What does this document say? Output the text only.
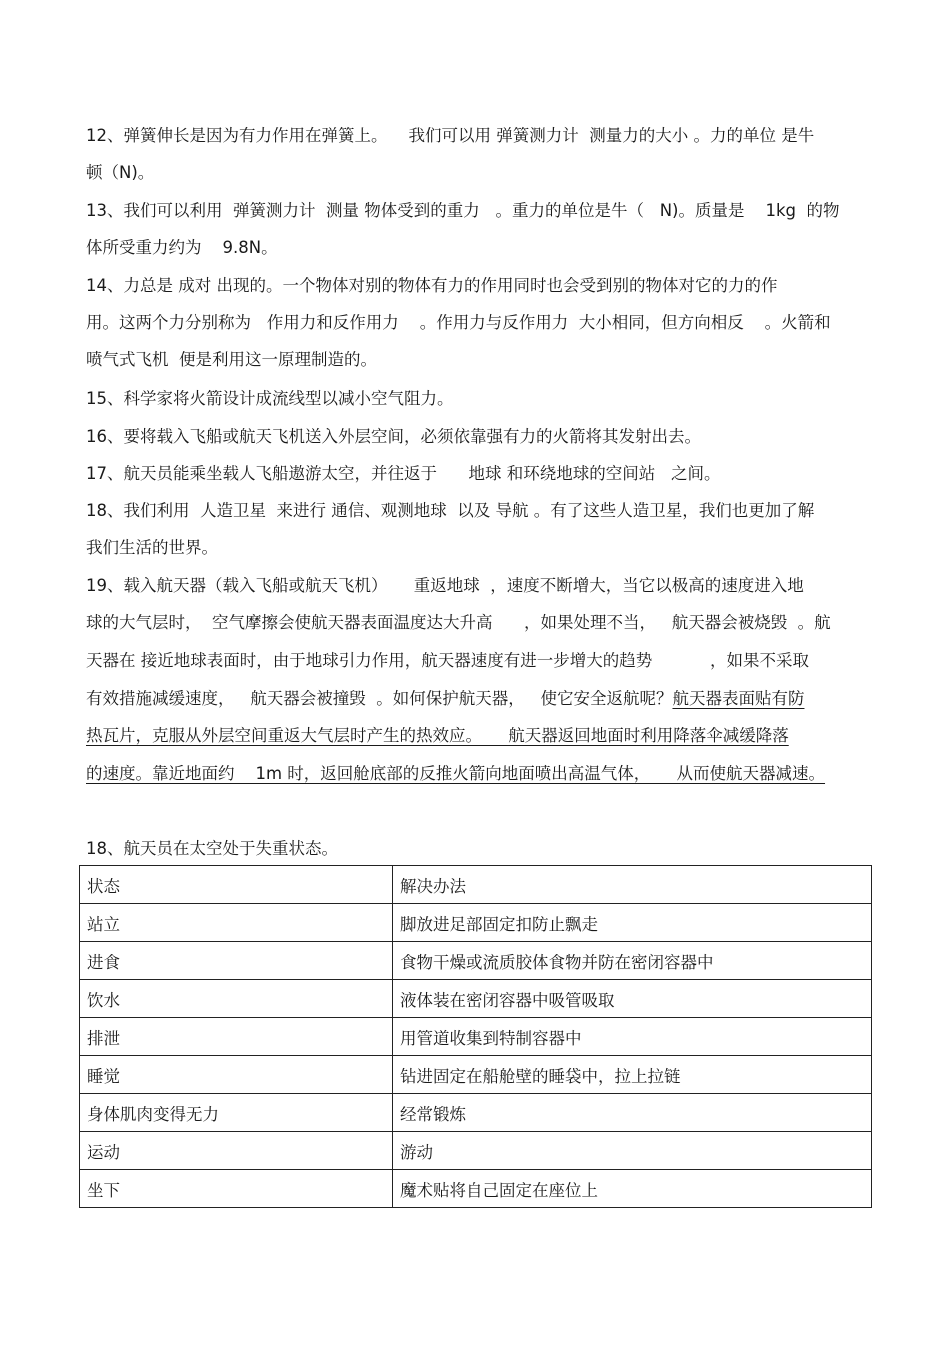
12、弹簧伸长是因为有力作用在弹簧上。    我们可以用 弹簧测力计  测量力的大小 。力的单位 是牛
顿（N)。
13、我们可以利用  弹簧测力计  测量 物体受到的重力   。重力的单位是牛（   N)。质量是    1kg  的物
体所受重力约为    9.8N。
14、力总是 成对 出现的。一个物体对别的物体有力的作用同时也会受到别的物体对它的力的作
用。这两个力分别称为   作用力和反作用力    。作用力与反作用力  大小相同，但方向相反    。火箭和
喷气式飞机  便是利用这一原理制造的。
15、科学家将火箭设计成流线型以减小空气阻力。
16、要将载入飞船或航天飞机送入外层空间，必须依靠强有力的火箭将其发射出去。
17、航天员能乘坐载人飞船遨游太空，并往返于      地球 和环绕地球的空间站   之间。
18、我们利用  人造卫星  来进行 通信、观测地球  以及 导航 。有了这些人造卫星，我们也更加了解
我们生活的世界。
19、载入航天器（载入飞船或航天飞机）     重返地球  ，速度不断增大，当它以极高的速度进入地
球的大气层时，  空气摩擦会使航天器表面温度达大升高      ，如果处理不当，   航天器会被烧毁  。航
天器在 接近地球表面时，由于地球引力作用，航天器速度有进一步增大的趋势           ，如果不采取
有效措施减缓速度，   航天器会被撞毁  。如何保护航天器，   使它安全返航呢？航天器表面贴有防
热瓦片，克服从外层空间重返大气层时产生的热效应。     航天器返回地面时利用降落伞减缓降落
的速度。靠近地面约    1m 时，返回舱底部的反推火箭向地面喷出高温气体，     从而使航天器减速。
18、航天员在太空处于失重状态。
状态	解决办法
站立	脚放进足部固定扣防止飘走
进食	食物干燥或流质胶体食物并防在密闭容器中
饮水	液体装在密闭容器中吸管吸取
排泄	用管道收集到特制容器中
睡觉	钻进固定在船舱壁的睡袋中，拉上拉链
身体肌肉变得无力	经常锻炼
运动	游动
坐下	魔术贴将自己固定在座位上
